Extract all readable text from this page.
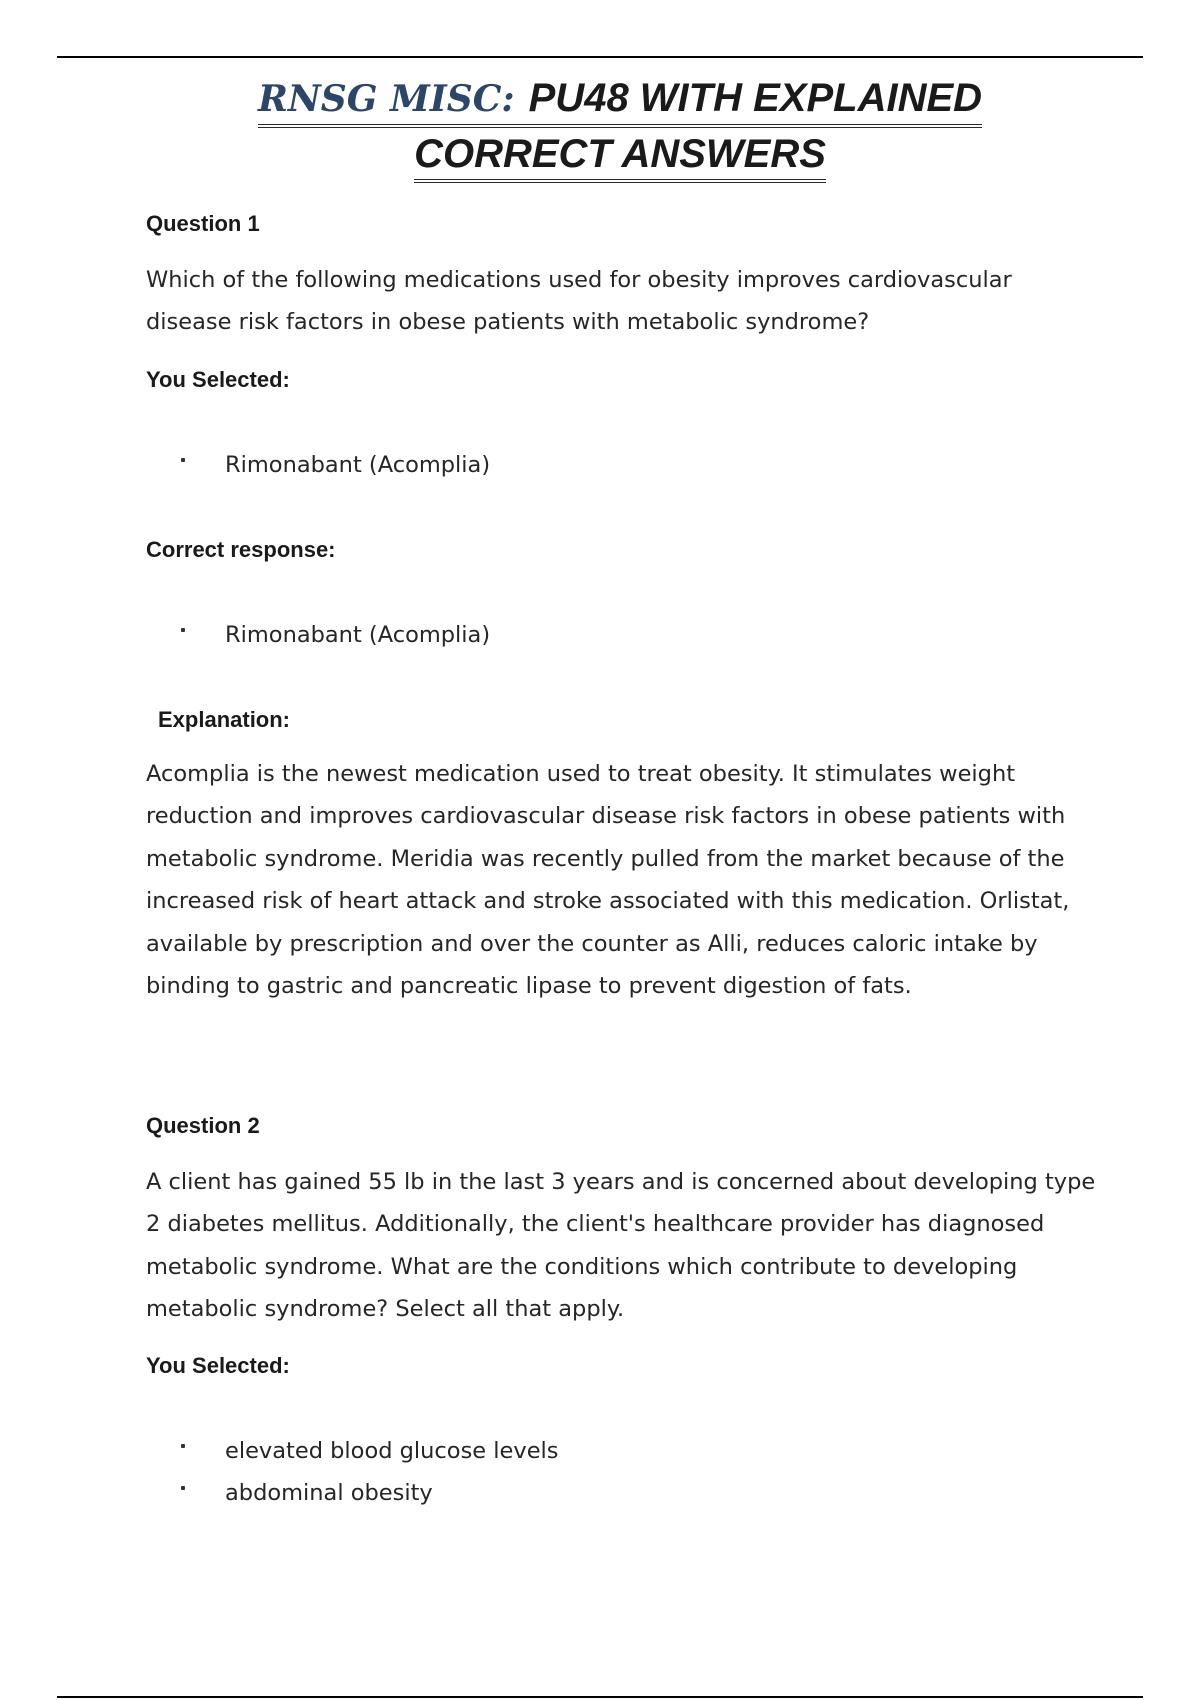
RNSG MISC: PU48 WITH EXPLAINED
CORRECT ANSWERS
Question 1
Which of the following medications used for obesity improves cardiovascular disease risk factors in obese patients with metabolic syndrome?
You Selected:
Rimonabant (Acomplia)
Correct response:
Rimonabant (Acomplia)
Explanation:
Acomplia is the newest medication used to treat obesity. It stimulates weight reduction and improves cardiovascular disease risk factors in obese patients with metabolic syndrome. Meridia was recently pulled from the market because of the increased risk of heart attack and stroke associated with this medication. Orlistat, available by prescription and over the counter as Alli, reduces caloric intake by binding to gastric and pancreatic lipase to prevent digestion of fats.
Question 2
A client has gained 55 lb in the last 3 years and is concerned about developing type 2 diabetes mellitus. Additionally, the client's healthcare provider has diagnosed metabolic syndrome. What are the conditions which contribute to developing metabolic syndrome? Select all that apply.
You Selected:
elevated blood glucose levels
abdominal obesity
